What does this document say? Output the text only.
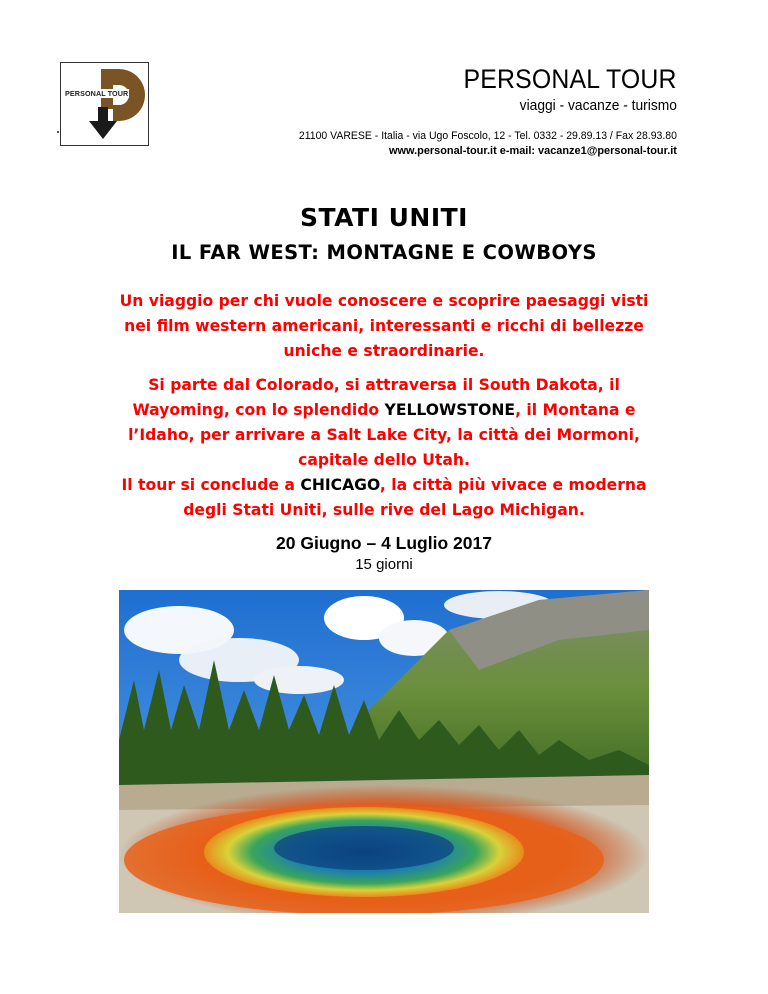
PERSONAL TOUR	PERSONAL TOUR
viaggi - vacanze - turismo
21100 VARESE - Italia - via Ugo Foscolo, 12 - Tel. 0332 - 29.89.13 / Fax 28.93.80
www.personal-tour.it e-mail: vacanze1@personal-tour.it
STATI UNITI
IL FAR WEST: MONTAGNE E COWBOYS
Un viaggio per chi vuole conoscere e scoprire paesaggi visti
nei film western americani, interessanti e ricchi di bellezze
uniche e straordinarie.
Si parte dal Colorado, si attraversa il South Dakota, il
Wayoming, con lo splendido YELLOWSTONE, il Montana e
l’Idaho, per arrivare a Salt Lake City, la città dei Mormoni,
capitale dello Utah.
Il tour si conclude a CHICAGO, la città più vivace e moderna
degli Stati Uniti, sulle rive del Lago Michigan.
20 Giugno – 4 Luglio 2017
15 giorni
